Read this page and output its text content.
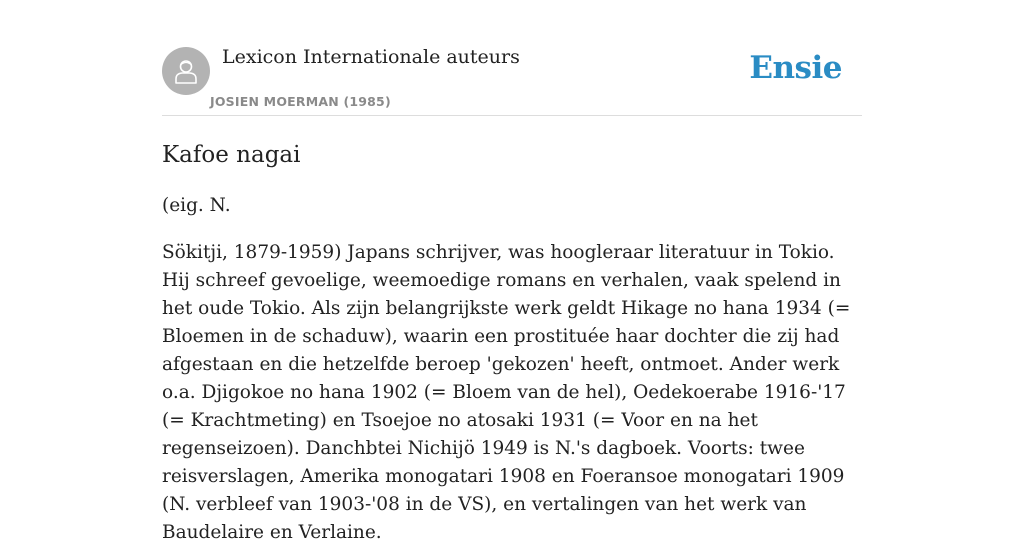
Lexicon Internationale auteurs
JOSIEN MOERMAN (1985)
Ensie
Kafoe nagai

(eig. N.

Sökitji, 1879-1959) Japans schrijver, was hoogleraar literatuur in Tokio. Hij schreef gevoelige, weemoedige romans en verhalen, vaak spelend in het oude Tokio. Als zijn belangrijkste werk geldt Hikage no hana 1934 (= Bloemen in de schaduw), waarin een prostituée haar dochter die zij had afgestaan en die hetzelfde beroep 'gekozen' heeft, ontmoet. Ander werk o.a. Djigokoe no hana 1902 (= Bloem van de hel), Oedekoerabe 1916-'17 (= Krachtmeting) en Tsoejoe no atosaki 1931 (= Voor en na het regenseizoen). Danchbtei Nichijö 1949 is N.'s dagboek. Voorts: twee reisverslagen, Amerika monogatari 1908 en Foeransoe monogatari 1909 (N. verbleef van 1903-'08 in de VS), en vertalingen van het werk van Baudelaire en Verlaine.
